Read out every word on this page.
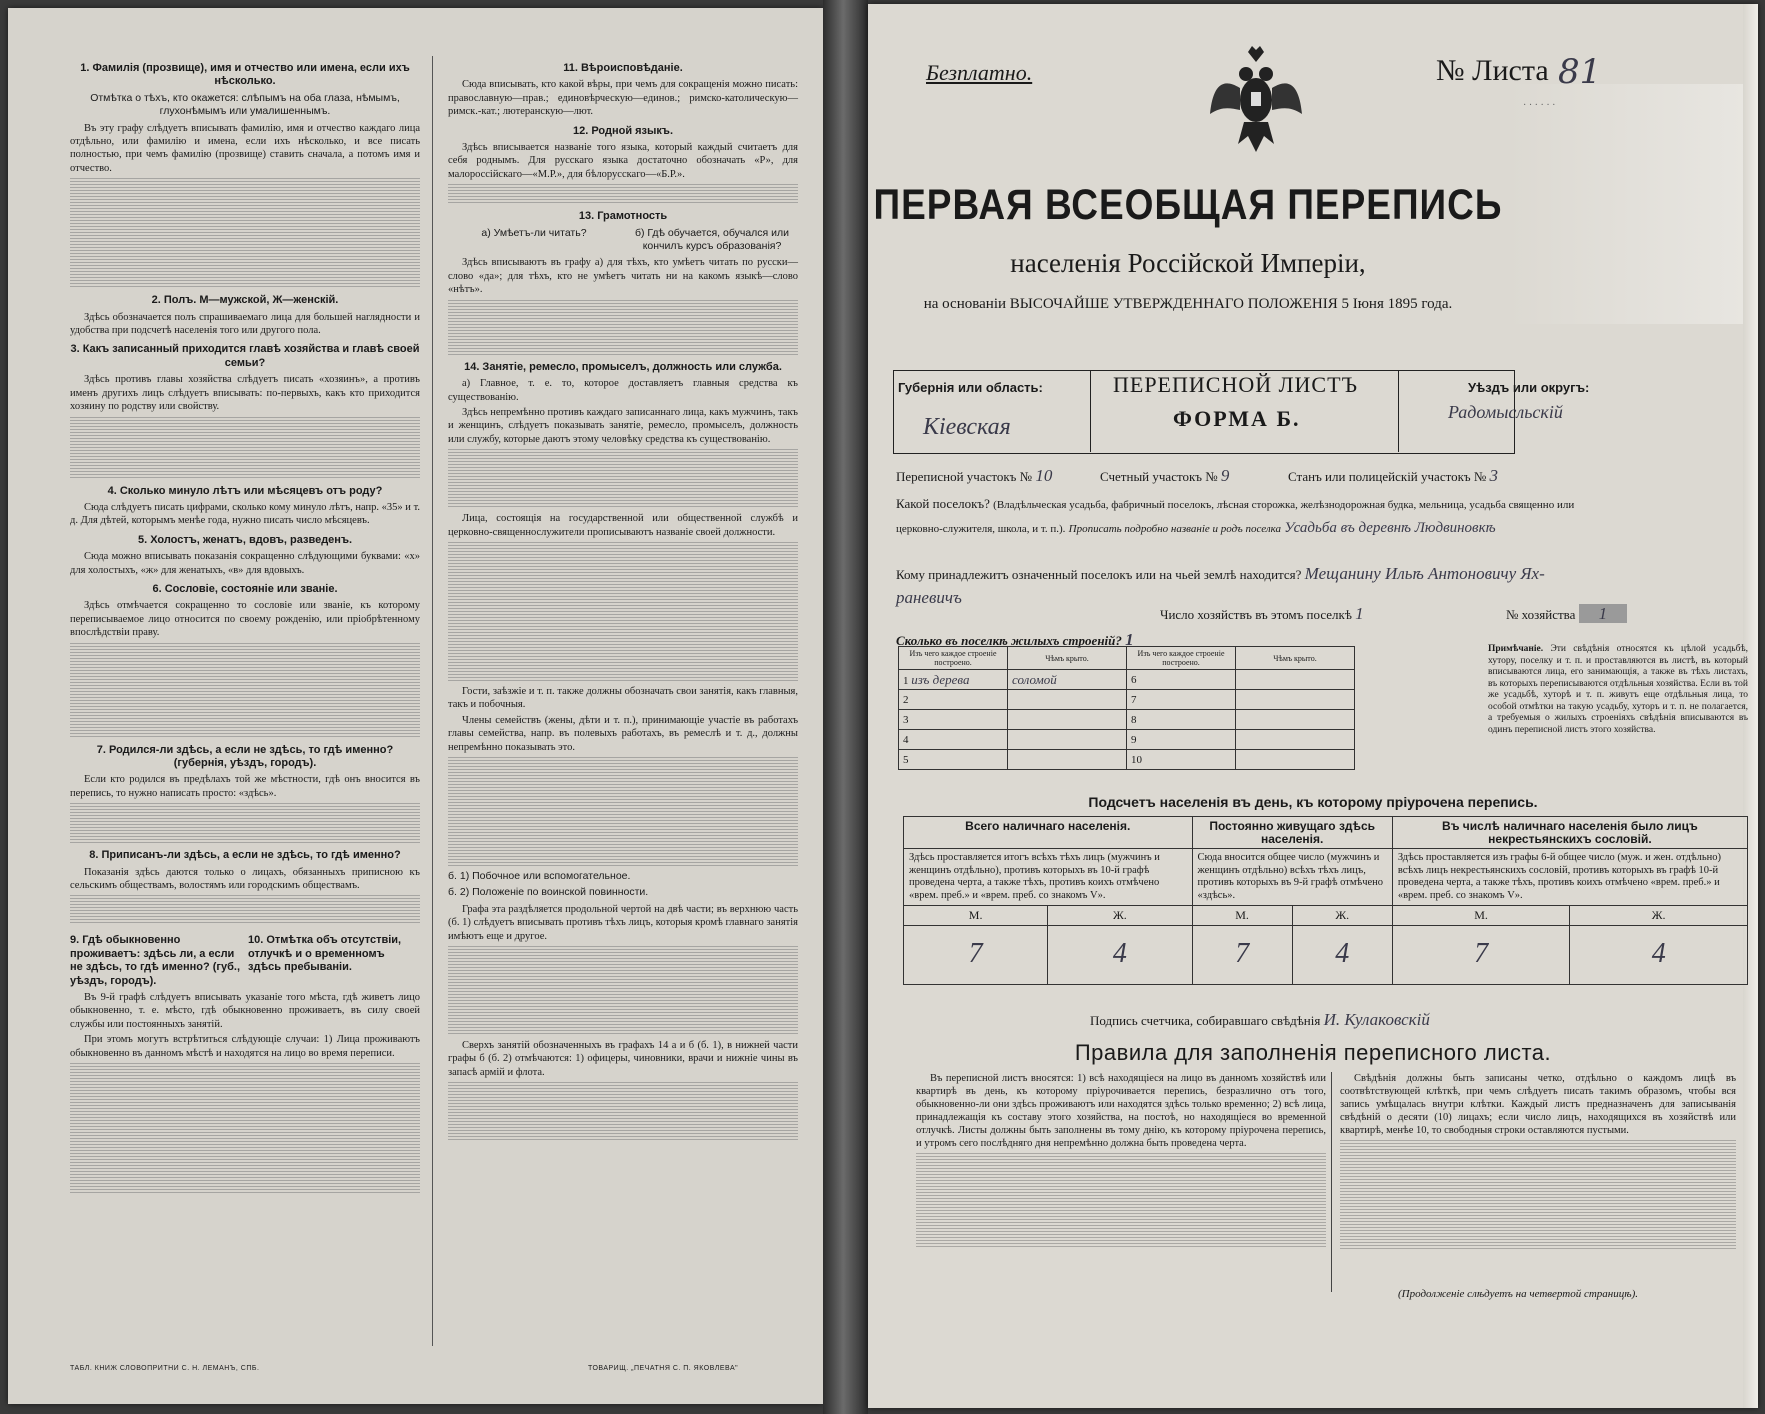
1. Фамилія (прозвище), имя и отчество или имена, если ихъ нѣсколько.
Отмѣтка о тѣхъ, кто окажется: слѣпымъ на оба глаза, нѣмымъ, глухонѣмымъ или умалишеннымъ.

Въ эту графу слѣдуетъ вписывать фамилію, имя и отчество каждаго лица отдѣльно, или фамилію и имена, если ихъ нѣсколько, и все писать полностью, при чемъ фамилію (прозвище) ставить сначала, а потомъ имя и отчество.

2. Полъ. М—мужской, Ж—женскій.

Здѣсь обозначается полъ спрашиваемаго лица для большей наглядности и удобства при подсчетѣ населенія того или другого пола.

3. Какъ записанный приходится главѣ хозяйства и главѣ своей семьи?

Здѣсь противъ главы хозяйства слѣдуетъ писать «хозяинъ», а противъ именъ другихъ лицъ слѣдуетъ вписывать: по-первыхъ, какъ кто приходится хозяину по родству или свойству.

4. Сколько минуло лѣтъ или мѣсяцевъ отъ роду?

Сюда слѣдуетъ писать цифрами, сколько кому минуло лѣтъ, напр. «35» и т. д. Для дѣтей, которымъ менѣе года, нужно писать число мѣсяцевъ.

5. Холостъ, женатъ, вдовъ, разведенъ.

Сюда можно вписывать показанія сокращенно слѣдующими буквами: «х» для холостыхъ, «ж» для женатыхъ, «в» для вдовыхъ.

6. Сословіе, состояніе или званіе.

Здѣсь отмѣчается сокращенно то сословіе или званіе, къ которому переписываемое лицо относится по своему рожденію, или пріобрѣтенному впослѣдствіи праву.

7. Родился-ли здѣсь, а если не здѣсь, то гдѣ именно? (губернія, уѣздъ, городъ).

Если кто родился въ предѣлахъ той же мѣстности, гдѣ онъ вносится въ перепись, то нужно написать просто: «здѣсь».

8. Приписанъ-ли здѣсь, а если не здѣсь, то гдѣ именно?

Показанія здѣсь даются только о лицахъ, обязанныхъ приписною къ сельскимъ обществамъ, волостямъ или городскимъ обществамъ.

9. Гдѣ обыкновенно проживаетъ: здѣсь ли, а если не здѣсь, то гдѣ именно? (губ., уѣздъ, городъ).
10. Отмѣтка объ отсутствіи, отлучкѣ и о временномъ здѣсь пребываніи.

Въ 9-й графѣ слѣдуетъ вписывать указаніе того мѣста, гдѣ живетъ лицо обыкновенно, т. е. мѣсто, гдѣ обыкновенно проживаетъ, въ силу своей службы или постоянныхъ занятій.

При этомъ могутъ встрѣтиться слѣдующіе случаи: 1) Лица проживаютъ обыкновенно въ данномъ мѣстѣ и находятся на лицо во время переписи.

11. Вѣроисповѣданіе.

Сюда вписывать, кто какой вѣры, при чемъ для сокращенія можно писать: православную—прав.; единовѣрческую—единов.; римско-католическую—римск.-кат.; лютеранскую—лют.

12. Родной языкъ.

Здѣсь вписывается названіе того языка, который каждый считаетъ для себя роднымъ. Для русскаго языка достаточно обозначать «Р», для малороссійскаго—«М.Р.», для бѣлорусскаго—«Б.Р.».

13. Грамотность
а) Умѣетъ-ли читать?	б) Гдѣ обучается, обучался или кончилъ курсъ образованія?

Здѣсь вписываютъ въ графу а) для тѣхъ, кто умѣетъ читать по русски—слово «да»; для тѣхъ, кто не умѣетъ читать ни на какомъ языкѣ—слово «нѣтъ».

14. Занятіе, ремесло, промыселъ, должность или служба.

а) Главное, т. е. то, которое доставляетъ главныя средства къ существованію.

Здѣсь непремѣнно противъ каждаго записаннаго лица, какъ мужчинъ, такъ и женщинъ, слѣдуетъ показывать занятіе, ремесло, промыселъ, должность или службу, которые даютъ этому человѣку средства къ существованію.

Лица, состоящія на государственной или общественной службѣ и церковно-священнослужители прописываютъ названіе своей должности.

Гости, заѣзжіе и т. п. также должны обозначать свои занятія, какъ главныя, такъ и побочныя.

Члены семействъ (жены, дѣти и т. п.), принимающіе участіе въ работахъ главы семейства, напр. въ полевыхъ работахъ, въ ремеслѣ и т. д., должны непремѣнно показывать это.

б. 1) Побочное или вспомогательное.
б. 2) Положеніе по воинской повинности.

Графа эта раздѣляется продольной чертой на двѣ части; въ верхнюю часть (б. 1) слѣдуетъ вписывать противъ тѣхъ лицъ, которыя кромѣ главнаго занятія имѣютъ еще и другое.

Сверхъ занятій обозначенныхъ въ графахъ 14 а и б (б. 1), в нижней части графы б (б. 2) отмѣчаются: 1) офицеры, чиновники, врачи и нижніе чины въ запасѣ армій и флота.

ТАБЛ. КНИЖ СЛОВОПРИТНИ С. Н. ЛЕМАНЪ, СПБ.	ТОВАРИЩ. „ПЕЧАТНЯ С. П. ЯКОВЛЕВА"
Безплатно.	№ Листа 81
ПЕРВАЯ ВСЕОБЩАЯ ПЕРЕПИСЬ
населенія Россійской Имперіи,
на основаніи ВЫСОЧАЙШЕ УТВЕРЖДЕННАГО ПОЛОЖЕНІЯ 5 Іюня 1895 года.
· · · · · ·
Губернія или область:
Кіевская
ПЕРЕПИСНОЙ ЛИСТЪ
ФОРМА Б.
Уѣздъ или округъ:
Радомысльскій
Переписной участокъ № 10	Счетный участокъ № 9	Станъ или полицейскій участокъ № 3
Какой поселокъ? (Владѣльческая усадьба, фабричный поселокъ, лѣсная сторожка, желѣзнодорожная будка, мельница, усадьба священно или
церковно-служителя, школа, и т. п.). Прописать подробно названіе и родъ поселка Усадьба въ деревнѣ Людвиновкѣ
Кому принадлежитъ означенный поселокъ или на чьей землѣ находится? Мещанину Ильѣ Антоновичу Ях-
раневичъ
Число хозяйствъ въ этомъ поселкѣ 1	№ хозяйства 1
Сколько въ поселкѣ жилыхъ строеній? 1
Изъ чего каждое строеніе построено.	Чѣмъ крыто.	Изъ чего каждое строеніе построено.	Чѣмъ крыто.
1 изъ дерева	соломой	6	
2		7	
3		8	
4		9	
5		10	
Примѣчаніе. Эти свѣдѣнія относятся къ цѣлой усадьбѣ, хутору, поселку и т. п. и проставляются въ листѣ, въ который вписываются лица, его занимающія, а также въ тѣхъ листахъ, въ которыхъ переписываются отдѣльныя хозяйства. Если въ той же усадьбѣ, хуторѣ и т. п. живутъ еще отдѣльныя лица, то особой отмѣтки на такую усадьбу, хуторъ и т. п. не полагается, а требуемыя о жилыхъ строеніяхъ свѣдѣнія вписываются въ одинъ переписной листъ этого хозяйства.
Подсчетъ населенія въ день, къ которому пріурочена перепись.
Всего наличнаго населенія.		Постоянно живущаго здѣсь населенія.		Въ числѣ наличнаго населенія было лицъ некрестьянскихъ сословій.	
Здѣсь проставляется итогъ всѣхъ тѣхъ лицъ (мужчинъ и женщинъ отдѣльно), противъ которыхъ въ 10-й графѣ проведена черта, а также тѣхъ, противъ коихъ отмѣчено «врем. преб.» и «врем. преб. со знакомъ V».		Сюда вносится общее число (мужчинъ и женщинъ отдѣльно) всѣхъ тѣхъ лицъ, противъ которыхъ въ 9-й графѣ отмѣчено «здѣсь».		Здѣсь проставляется изъ графы 6-й общее число (муж. и жен. отдѣльно) всѣхъ лицъ некрестьянскихъ сословій, противъ которыхъ въ графѣ 10-й проведена черта, а также тѣхъ, противъ коихъ отмѣчено «врем. преб.» и «врем. преб. со знакомъ V».	
М.	Ж.	М.	Ж.	М.	Ж.
7	4	7	4	7	4
Подпись счетчика, собиравшаго свѣдѣнія И. Кулаковскій
Правила для заполненія переписного листа.

Въ переписной листъ вносятся: 1) всѣ находящіеся на лицо въ данномъ хозяйствѣ или квартирѣ въ день, къ которому пріурочивается перепись, безразлично отъ того, обыкновенно-ли они здѣсь проживаютъ или находятся здѣсь только временно; 2) всѣ лица, принадлежащія къ составу этого хозяйства, на постоѣ, но находящіеся во временной отлучкѣ. Листы должны быть заполнены въ тому днію, къ которому пріурочена перепись, и утромъ сего послѣдняго дня непремѣнно должна быть проведена черта.

Свѣдѣнія должны быть записаны четко, отдѣльно о каждомъ лицѣ въ соотвѣтствующей клѣткѣ, при чемъ слѣдуетъ писать такимъ образомъ, чтобы вся запись умѣщалась внутри клѣтки. Каждый листъ предназначенъ для записыванія свѣдѣній о десяти (10) лицахъ; если число лицъ, находящихся въ хозяйствѣ или квартирѣ, менѣе 10, то свободныя строки оставляются пустыми.

(Продолженіе слѣдуетъ на четвертой страницѣ).
